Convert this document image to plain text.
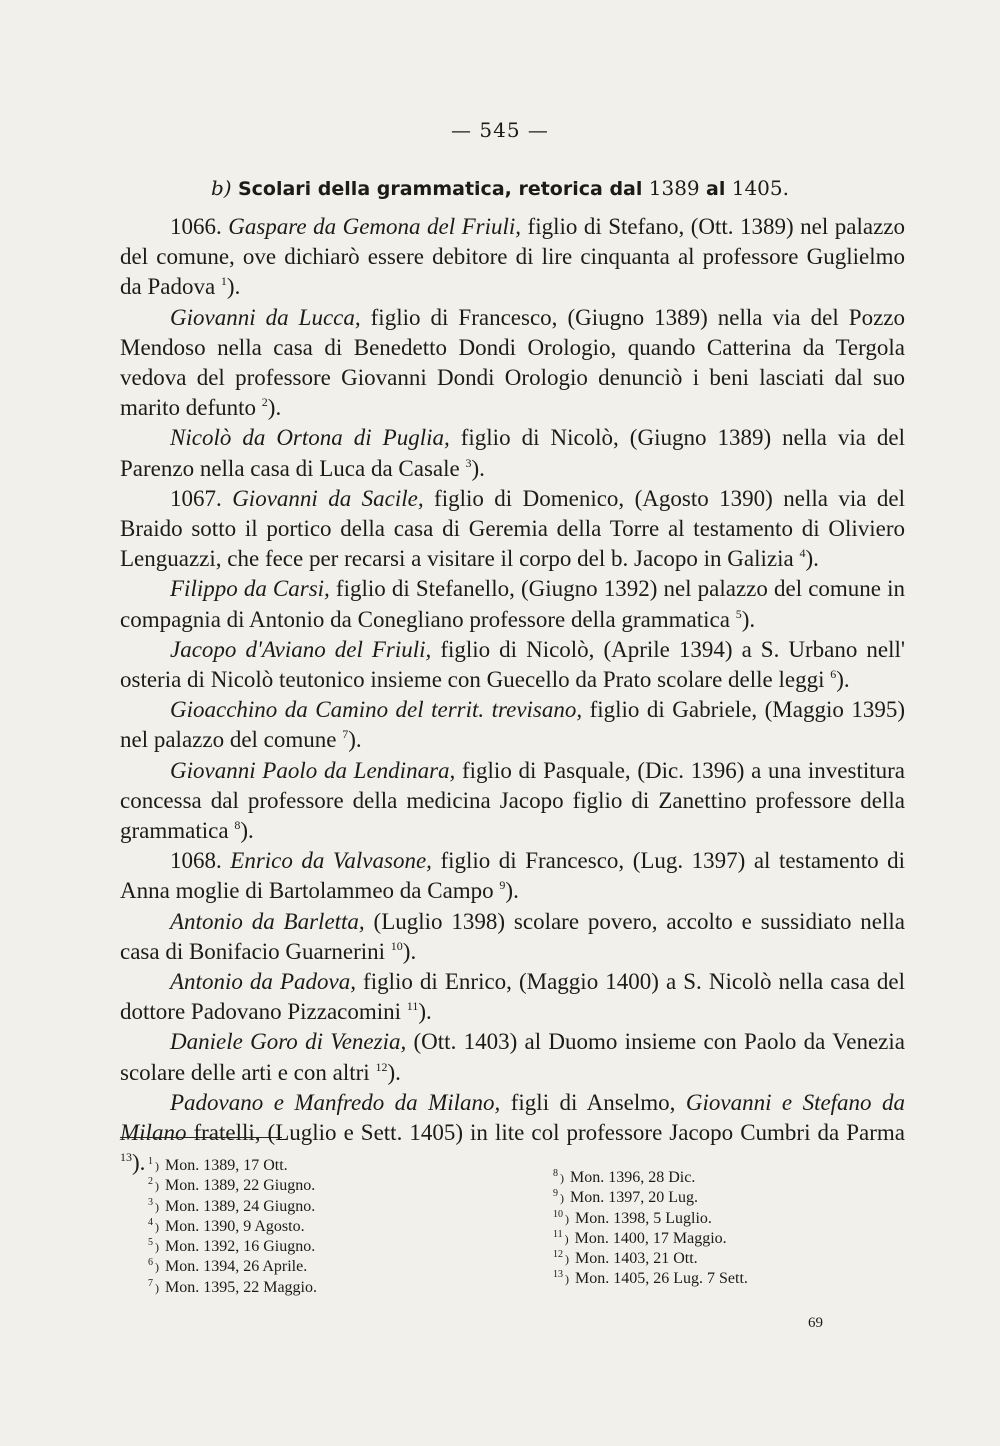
— 545 —
b) Scolari della grammatica, retorica dal 1389 al 1405.

1066. Gaspare da Gemona del Friuli, figlio di Stefano, (Ott. 1389) nel palazzo del comune, ove dichiarò essere debitore di lire cinquanta al professore Guglielmo da Padova $^1$).

Giovanni da Lucca, figlio di Francesco, (Giugno 1389) nella via del Pozzo Mendoso nella casa di Benedetto Dondi Orologio, quando Catterina da Tergola vedova del professore Giovanni Dondi Orologio denunciò i beni lasciati dal suo marito defunto $^2$).

Nicolò da Ortona di Puglia, figlio di Nicolò, (Giugno 1389) nella via del Parenzo nella casa di Luca da Casale $^3$).

1067. Giovanni da Sacile, figlio di Domenico, (Agosto 1390) nella via del Braido sotto il portico della casa di Geremia della Torre al testamento di Oliviero Lenguazzi, che fece per recarsi a visitare il corpo del b. Jacopo in Galizia $^4$).

Filippo da Carsi, figlio di Stefanello, (Giugno 1392) nel palazzo del comune in compagnia di Antonio da Conegliano professore della grammatica $^5$).

Jacopo d'Aviano del Friuli, figlio di Nicolò, (Aprile 1394) a S. Urbano nell' osteria di Nicolò teutonico insieme con Guecello da Prato scolare delle leggi $^6$).

Gioacchino da Camino del territ. trevisano, figlio di Gabriele, (Maggio 1395) nel palazzo del comune $^7$).

Giovanni Paolo da Lendinara, figlio di Pasquale, (Dic. 1396) a una investitura concessa dal professore della medicina Jacopo figlio di Zanettino professore della grammatica $^8$).

1068. Enrico da Valvasone, figlio di Francesco, (Lug. 1397) al testamento di Anna moglie di Bartolammeo da Campo $^9$).

Antonio da Barletta, (Luglio 1398) scolare povero, accolto e sussidiato nella casa di Bonifacio Guarnerini $^{10}$).

Antonio da Padova, figlio di Enrico, (Maggio 1400) a S. Nicolò nella casa del dottore Padovano Pizzacomini $^{11}$).

Daniele Goro di Venezia, (Ott. 1403) al Duomo insieme con Paolo da Venezia scolare delle arti e con altri $^{12}$).

Padovano e Manfredo da Milano, figli di Anselmo, Giovanni e Stefano da Milano fratelli, (Luglio e Sett. 1405) in lite col professore Jacopo Cumbri da Parma $^{13}$). $^1$ ) Mon. 1389, 17 Ott.
$^2$ ) Mon. 1389, 22 Giugno.
$^3$ ) Mon. 1389, 24 Giugno.
$^4$ ) Mon. 1390, 9 Agosto.
$^5$ ) Mon. 1392, 16 Giugno.
$^6$ ) Mon. 1394, 26 Aprile.
$^7$ ) Mon. 1395, 22 Maggio.
$^8$ ) Mon. 1396, 28 Dic.
$^9$ ) Mon. 1397, 20 Lug.
$^{10}$ ) Mon. 1398, 5 Luglio.
$^{11}$ ) Mon. 1400, 17 Maggio.
$^{12}$ ) Mon. 1403, 21 Ott.
$^{13}$ ) Mon. 1405, 26 Lug. 7 Sett.
69
